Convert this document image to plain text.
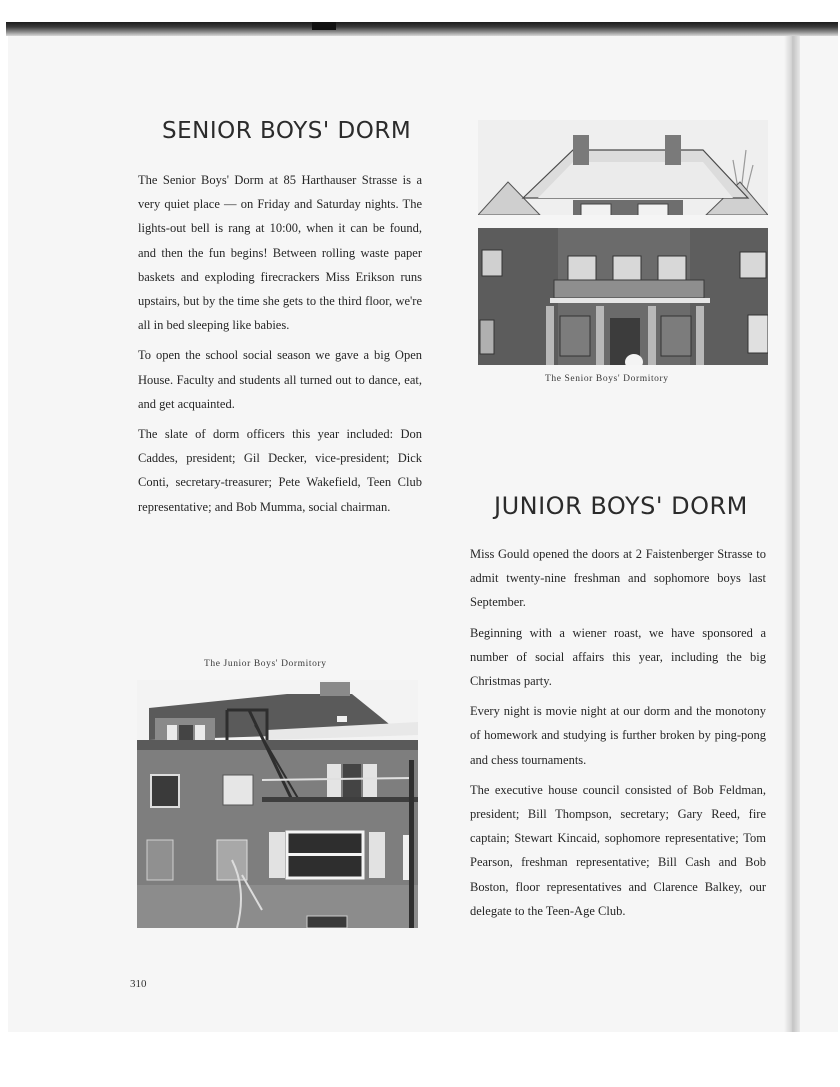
SENIOR BOYS' DORM

The Senior Boys' Dorm at 85 Harthauser Strasse is a very quiet place — on Friday and Saturday nights. The lights-out bell is rang at 10:00, when it can be found, and then the fun begins! Between rolling waste paper baskets and exploding firecrackers Miss Erikson runs upstairs, but by the time she gets to the third floor, we're all in bed sleeping like babies.

To open the school social season we gave a big Open House. Faculty and students all turned out to dance, eat, and get acquainted.

The slate of dorm officers this year included: Don Caddes, president; Gil Decker, vice-president; Dick Conti, secretary-treasurer; Pete Wakefield, Teen Club representative; and Bob Mumma, social chairman.

The Senior Boys' Dormitory
JUNIOR BOYS' DORM

Miss Gould opened the doors at 2 Faistenberger Strasse to admit twenty-nine freshman and sophomore boys last September.

Beginning with a wiener roast, we have sponsored a number of social affairs this year, including the big Christmas party.

Every night is movie night at our dorm and the monotony of homework and studying is further broken by ping-pong and chess tournaments.

The executive house council consisted of Bob Feldman, president; Bill Thompson, secretary; Gary Reed, fire captain; Stewart Kincaid, sophomore representative; Tom Pearson, freshman representative; Bill Cash and Bob Boston, floor representatives and Clarence Balkey, our delegate to the Teen-Age Club.

The Junior Boys' Dormitory
310
